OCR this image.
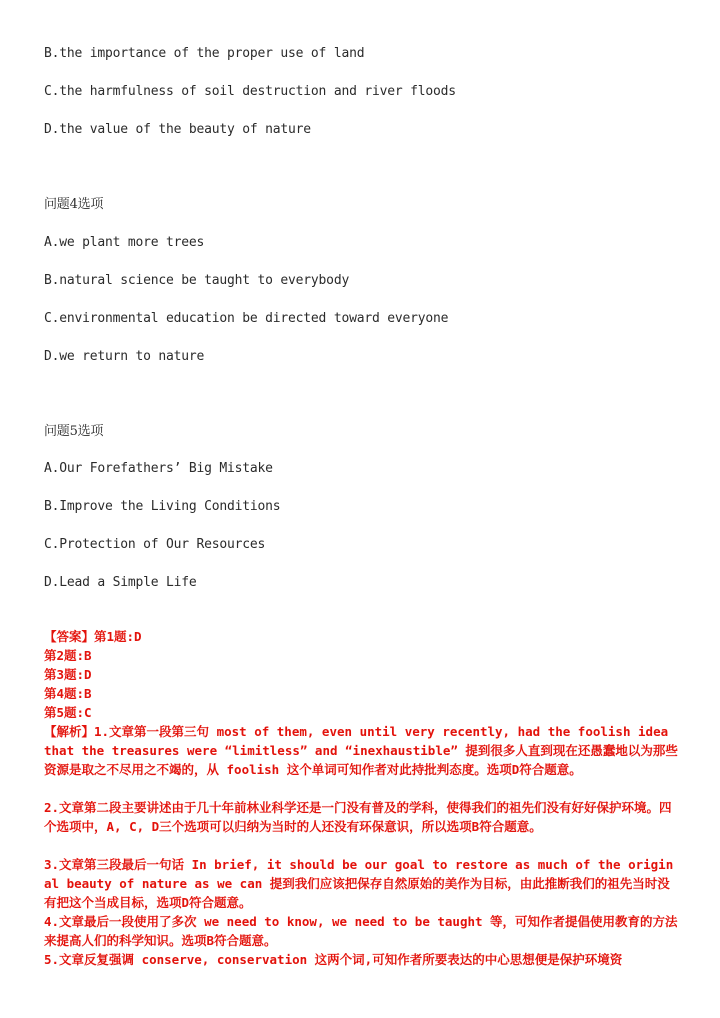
B.the importance of the proper use of land
C.the harmfulness of soil destruction and river floods
D.the value of the beauty of nature
问题4选项
A.we plant more trees
B.natural science be taught to everybody
C.environmental education be directed toward everyone
D.we return to nature
问题5选项
A.Our Forefathers’ Big Mistake
B.Improve the Living Conditions
C.Protection of Our Resources
D.Lead a Simple Life
【答案】第1题:D
第2题:B
第3题:D
第4题:B
第5题:C
【解析】1.文章第一段第三句 most of them, even until very recently, had the foolish idea that the treasures were “limitless” and “inexhaustible” 提到很多人直到现在还愚蠢地以为那些资源是取之不尽用之不竭的，从 foolish 这个单词可知作者对此持批判态度。选项D符合题意。
2.文章第二段主要讲述由于几十年前林业科学还是一门没有普及的学科，使得我们的祖先们没有好好保护环境。四个选项中，A, C, D三个选项可以归纳为当时的人还没有环保意识，所以选项B符合题意。
3.文章第三段最后一句话 In brief, it should be our goal to restore as much of the original beauty of nature as we can 提到我们应该把保存自然原始的美作为目标，由此推断我们的祖先当时没有把这个当成目标，选项D符合题意。
4.文章最后一段使用了多次 we need to know, we need to be taught 等，可知作者提倡使用教育的方法来提高人们的科学知识。选项B符合题意。
5.文章反复强调 conserve, conservation 这两个词,可知作者所要表达的中心思想便是保护环境资
